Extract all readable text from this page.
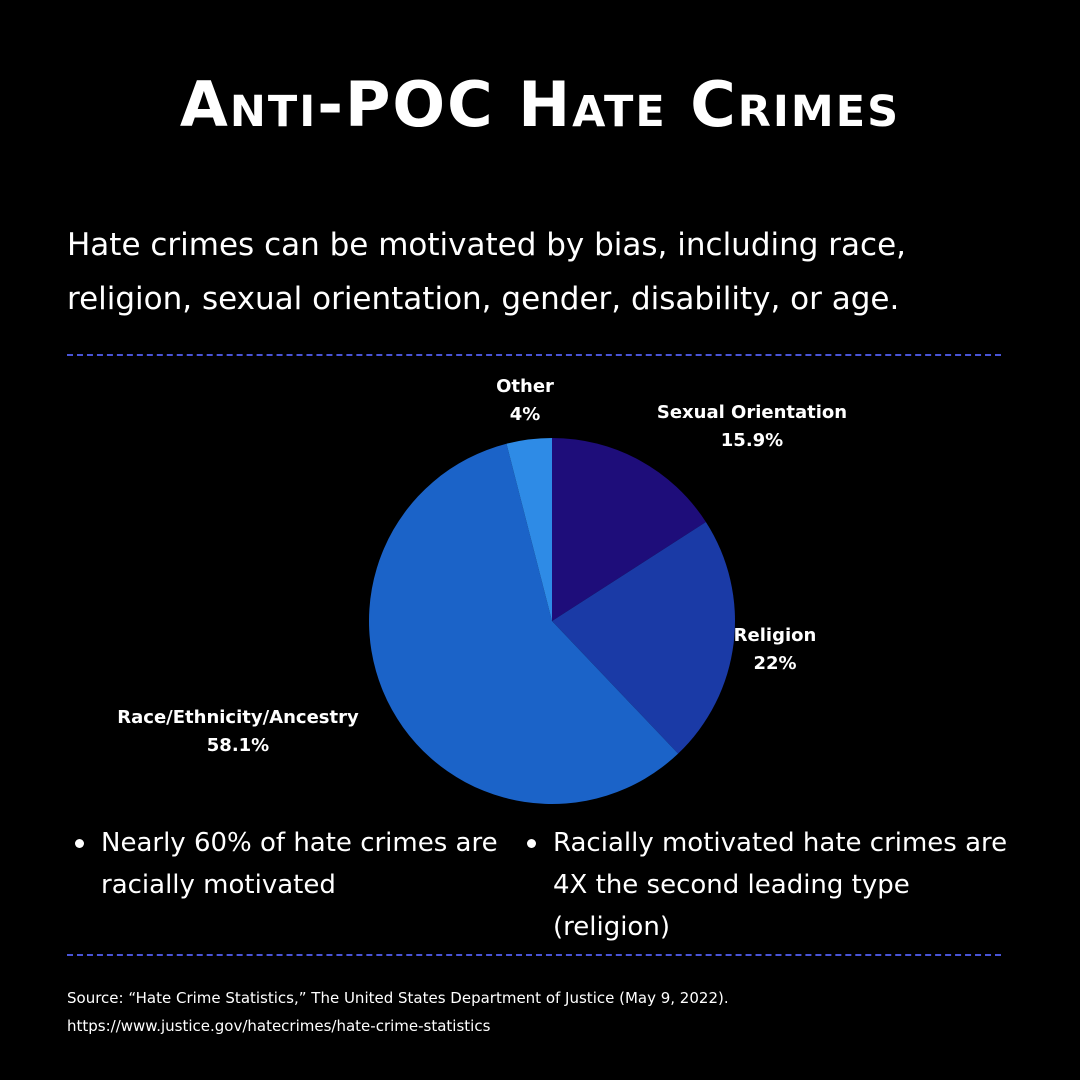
Anti-POC Hate Crimes

Hate crimes can be motivated by bias, including race, religion, sexual orientation, gender, disability, or age.

Sexual Orientation
15.9%
Religion
22%
Race/Ethnicity/Ancestry
58.1%
Other
4%
Nearly 60% of hate crimes are racially motivated
Racially motivated hate crimes are 4X the second leading type (religion)
Source: “Hate Crime Statistics,” The United States Department of Justice (May 9, 2022).
https://www.justice.gov/hatecrimes/hate-crime-statistics
